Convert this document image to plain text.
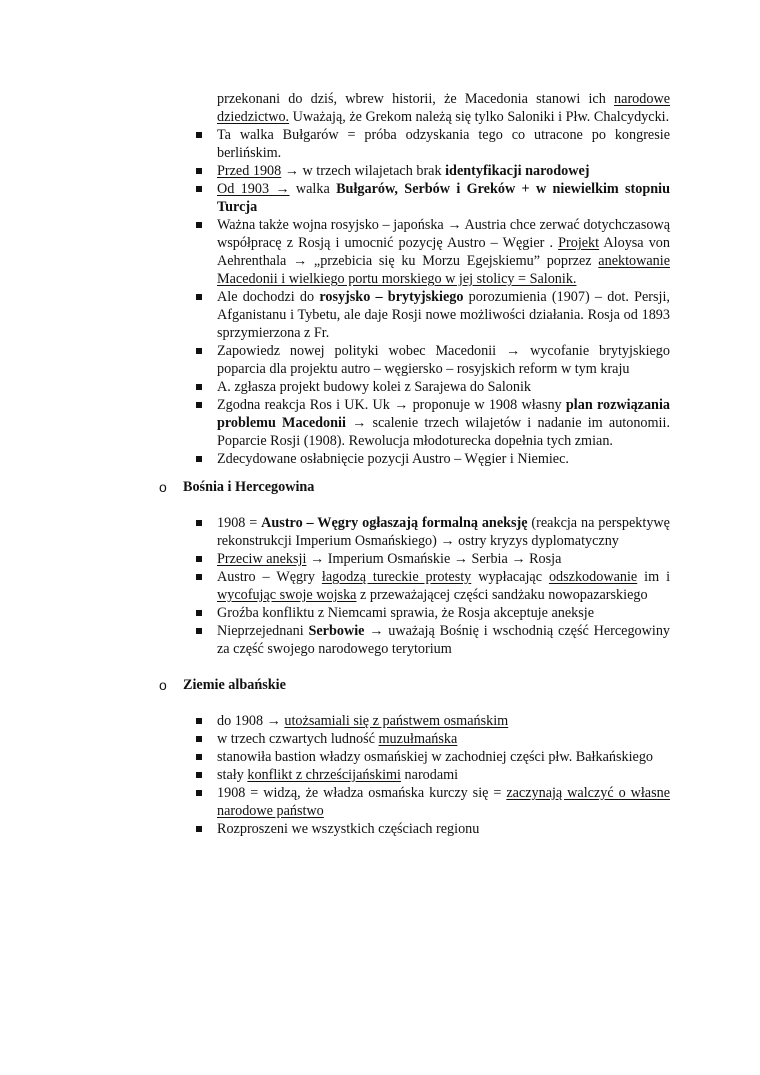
przekonani do dziś, wbrew historii, że Macedonia stanowi ich narodowe dziedzictwo. Uważają, że Grekom należą się tylko Saloniki i Płw. Chalcydycki.
Ta walka Bułgarów = próba odzyskania tego co utracone po kongresie berlińskim.
Przed 1908 → w trzech wilajetach brak identyfikacji narodowej
Od 1903 → walka Bułgarów, Serbów i Greków + w niewielkim stopniu Turcja
Ważna także wojna rosyjsko – japońska → Austria chce zerwać dotychczasową współpracę z Rosją i umocnić pozycję Austro – Węgier . Projekt Aloysa von Aehrenthala → „przebicia się ku Morzu Egejskiemu” poprzez anektowanie Macedonii i wielkiego portu morskiego w jej stolicy = Salonik.
Ale dochodzi do rosyjsko – brytyjskiego porozumienia (1907) – dot. Persji, Afganistanu i Tybetu, ale daje Rosji nowe możliwości działania. Rosja od 1893 sprzymierzona z Fr.
Zapowiedz nowej polityki wobec Macedonii → wycofanie brytyjskiego poparcia dla projektu autro – węgiersko – rosyjskich reform w tym kraju
A. zgłasza projekt budowy kolei z Sarajewa do Salonik
Zgodna reakcja Ros i UK. Uk → proponuje w 1908 własny plan rozwiązania problemu Macedonii → scalenie trzech wilajetów i nadanie im autonomii. Poparcie Rosji (1908). Rewolucja młodoturecka dopełnia tych zmian.
Zdecydowane osłabnięcie pozycji Austro – Węgier i Niemiec.
o Bośnia i Hercegowina
1908 = Austro – Węgry ogłaszają formalną aneksję (reakcja na perspektywę rekonstrukcji Imperium Osmańskiego) → ostry kryzys dyplomatyczny
Przeciw aneksji → Imperium Osmańskie → Serbia → Rosja
Austro – Węgry łagodzą tureckie protesty wypłacając odszkodowanie im i wycofując swoje wojska z przeważającej części sandżaku nowopazarskiego
Groźba konfliktu z Niemcami sprawia, że Rosja akceptuje aneksje
Nieprzejednani Serbowie → uważają Bośnię i wschodnią część Hercegowiny za część swojego narodowego terytorium
o Ziemie albańskie
do 1908 → utożsamiali się z państwem osmańskim
w trzech czwartych ludność muzułmańska
stanowiła bastion władzy osmańskiej w zachodniej części płw. Bałkańskiego
stały konflikt z chrześcijańskimi narodami
1908 = widzą, że władza osmańska kurczy się = zaczynają walczyć o własne narodowe państwo
Rozproszeni we wszystkich częściach regionu
